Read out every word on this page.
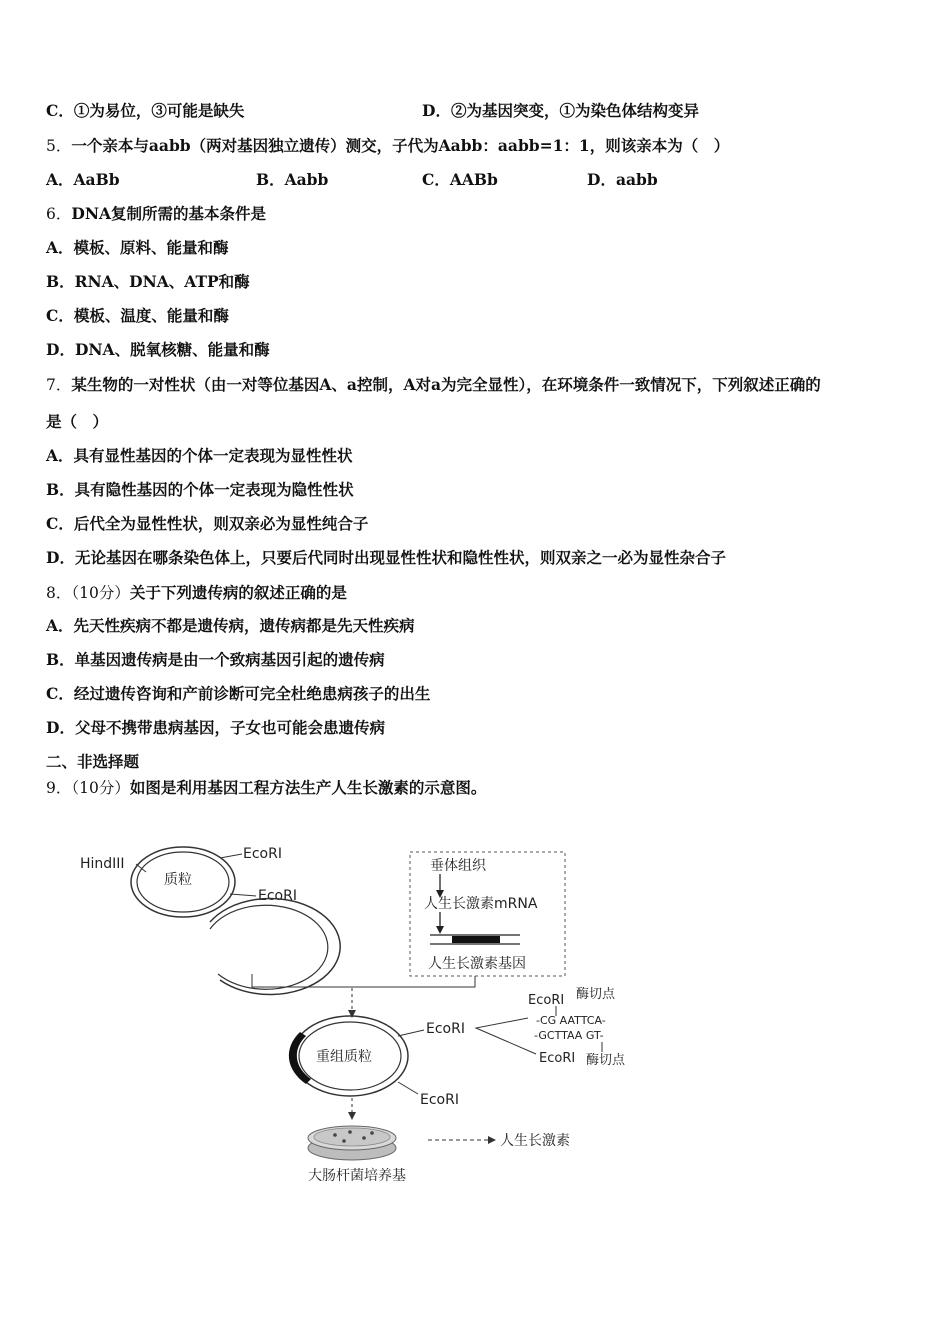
C．①为易位，③可能是缺失	D．②为基因突变，①为染色体结构变异
5．一个亲本与aabb（两对基因独立遗传）测交，子代为Aabb：aabb=1：1，则该亲本为（　）
A．AaBb	B．Aabb	C．AABb	D．aabb
6．DNA复制所需的基本条件是
A．模板、原料、能量和酶
B．RNA、DNA、ATP和酶
C．模板、温度、能量和酶
D．DNA、脱氧核糖、能量和酶
7．某生物的一对性状（由一对等位基因A、a控制，A对a为完全显性），在环境条件一致情况下，下列叙述正确的
是（　）
A．具有显性基因的个体一定表现为显性性状
B．具有隐性基因的个体一定表现为隐性性状
C．后代全为显性性状，则双亲必为显性纯合子
D．无论基因在哪条染色体上，只要后代同时出现显性性状和隐性性状，则双亲之一必为显性杂合子
8．（10分）关于下列遗传病的叙述正确的是
A．先天性疾病不都是遗传病，遗传病都是先天性疾病
B．单基因遗传病是由一个致病基因引起的遗传病
C．经过遗传咨询和产前诊断可完全杜绝患病孩子的出生
D．父母不携带患病基因，子女也可能会患遗传病
二、非选择题
9．（10分）如图是利用基因工程方法生产人生长激素的示意图。
HindIII
质粒
EcoRI
EcoRI
垂体组织
人生长激素mRNA
人生长激素基因
重组质粒
EcoRI
EcoRI
EcoRI 酶切点
-CG AATTCA-
-GCTTAA GT-
EcoRI 酶切点
大肠杆菌培养基
人生长激素
